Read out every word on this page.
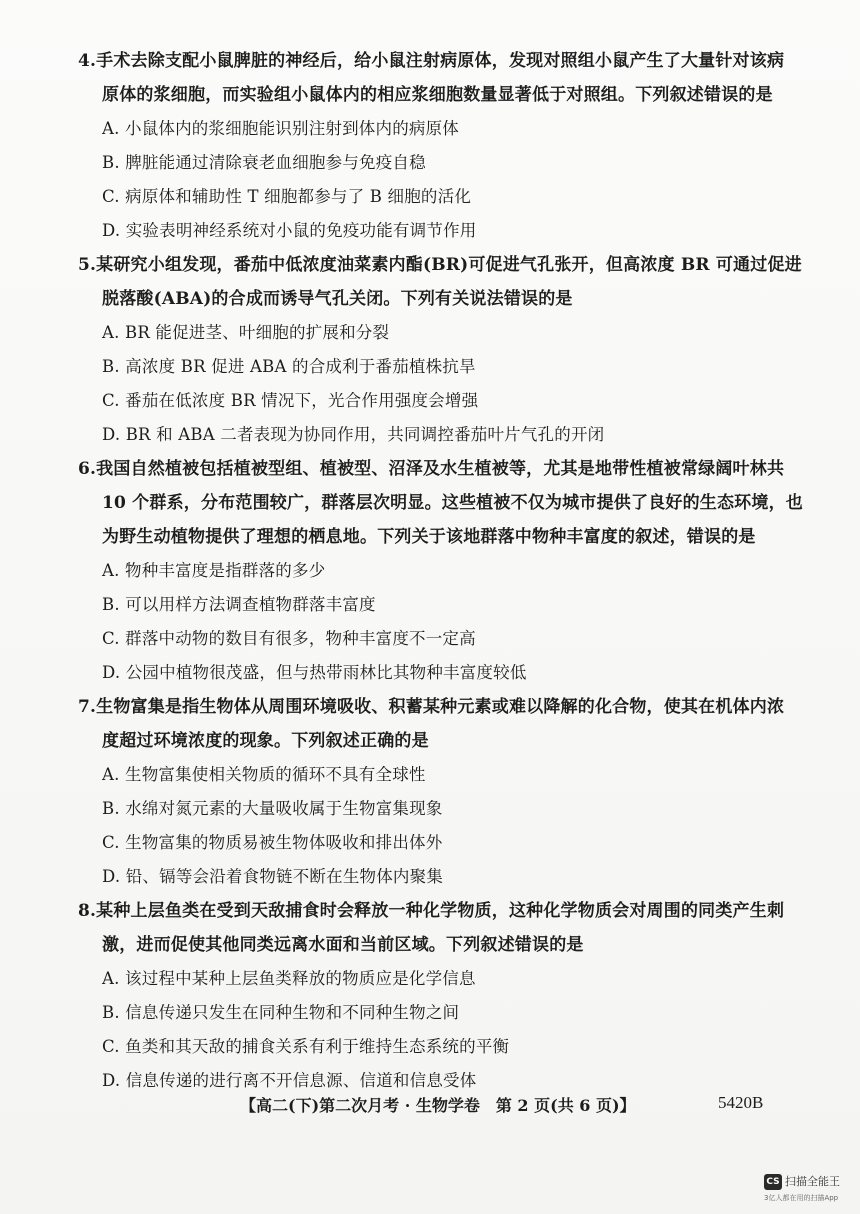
4.手术去除支配小鼠脾脏的神经后，给小鼠注射病原体，发现对照组小鼠产生了大量针对该病
原体的浆细胞，而实验组小鼠体内的相应浆细胞数量显著低于对照组。下列叙述错误的是
A. 小鼠体内的浆细胞能识别注射到体内的病原体
B. 脾脏能通过清除衰老血细胞参与免疫自稳
C. 病原体和辅助性 T 细胞都参与了 B 细胞的活化
D. 实验表明神经系统对小鼠的免疫功能有调节作用
5.某研究小组发现，番茄中低浓度油菜素内酯(BR)可促进气孔张开，但高浓度 BR 可通过促进
脱落酸(ABA)的合成而诱导气孔关闭。下列有关说法错误的是
A. BR 能促进茎、叶细胞的扩展和分裂
B. 高浓度 BR 促进 ABA 的合成利于番茄植株抗旱
C. 番茄在低浓度 BR 情况下，光合作用强度会增强
D. BR 和 ABA 二者表现为协同作用，共同调控番茄叶片气孔的开闭
6.我国自然植被包括植被型组、植被型、沼泽及水生植被等，尤其是地带性植被常绿阔叶林共
10 个群系，分布范围较广，群落层次明显。这些植被不仅为城市提供了良好的生态环境，也
为野生动植物提供了理想的栖息地。下列关于该地群落中物种丰富度的叙述，错误的是
A. 物种丰富度是指群落的多少
B. 可以用样方法调查植物群落丰富度
C. 群落中动物的数目有很多，物种丰富度不一定高
D. 公园中植物很茂盛，但与热带雨林比其物种丰富度较低
7.生物富集是指生物体从周围环境吸收、积蓄某种元素或难以降解的化合物，使其在机体内浓
度超过环境浓度的现象。下列叙述正确的是
A. 生物富集使相关物质的循环不具有全球性
B. 水绵对氮元素的大量吸收属于生物富集现象
C. 生物富集的物质易被生物体吸收和排出体外
D. 铅、镉等会沿着食物链不断在生物体内聚集
8.某种上层鱼类在受到天敌捕食时会释放一种化学物质，这种化学物质会对周围的同类产生刺
激，进而促使其他同类远离水面和当前区域。下列叙述错误的是
A. 该过程中某种上层鱼类释放的物质应是化学信息
B. 信息传递只发生在同种生物和不同种生物之间
C. 鱼类和其天敌的捕食关系有利于维持生态系统的平衡
D. 信息传递的进行离不开信息源、信道和信息受体
【高二(下)第二次月考 · 生物学卷　第 2 页(共 6 页)】	5420B
CS 扫描全能王
3亿人都在用的扫描App
